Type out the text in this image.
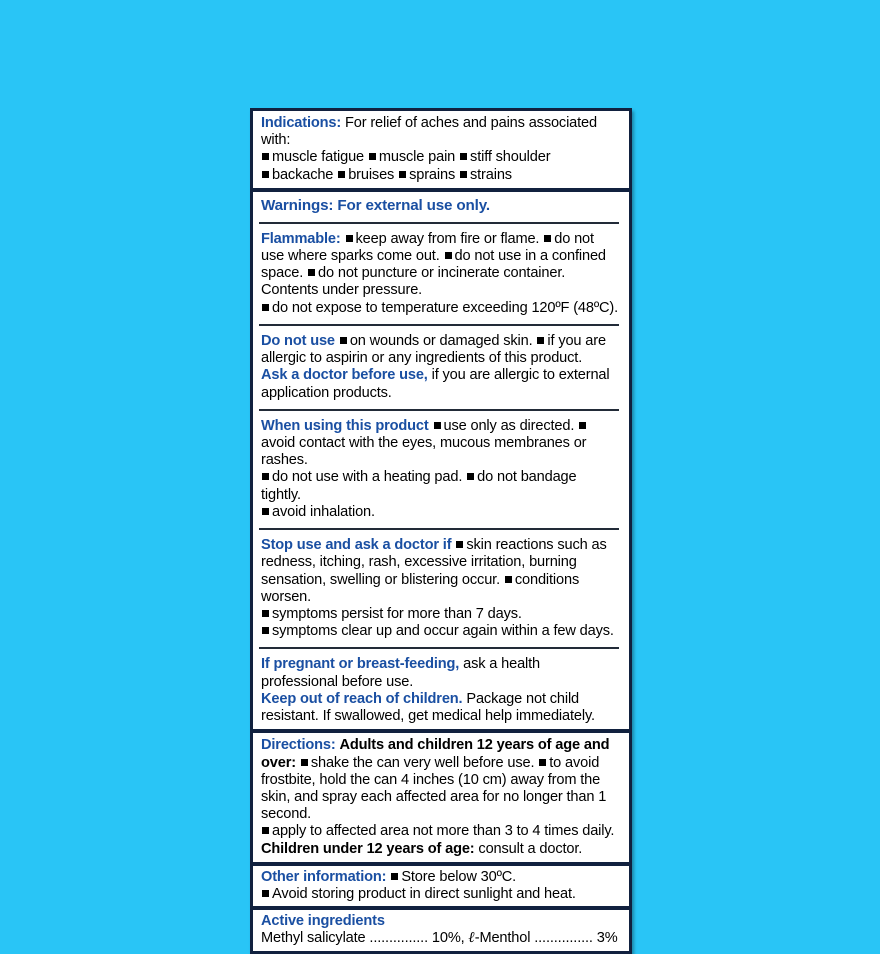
Indications: For relief of aches and pains associated with:

muscle fatigue muscle pain stiff shoulder

backache bruises sprains strains

Warnings: For external use only.

Flammable: keep away from fire or flame. do not use where sparks come out. do not use in a confined space. do not puncture or incinerate container. Contents under pressure.

do not expose to temperature exceeding 120ºF (48ºC).

Do not use on wounds or damaged skin. if you are allergic to aspirin or any ingredients of this product.

Ask a doctor before use, if you are allergic to external application products.

When using this product use only as directed. avoid contact with the eyes, mucous membranes or rashes.

do not use with a heating pad. do not bandage tightly.

avoid inhalation.

Stop use and ask a doctor if skin reactions such as redness, itching, rash, excessive irritation, burning sensation, swelling or blistering occur. conditions worsen.

symptoms persist for more than 7 days.

symptoms clear up and occur again within a few days.

If pregnant or breast-feeding, ask a health professional before use.

Keep out of reach of children. Package not child resistant. If swallowed, get medical help immediately.

Directions: Adults and children 12 years of age and over: shake the can very well before use. to avoid frostbite, hold the can 4 inches (10 cm) away from the skin, and spray each affected area for no longer than 1 second.

apply to affected area not more than 3 to 4 times daily.

Children under 12 years of age: consult a doctor.

Other information: Store below 30ºC.

Avoid storing product in direct sunlight and heat.

Active ingredients

Methyl salicylate ............... 10%, ℓ-Menthol ............... 3%
